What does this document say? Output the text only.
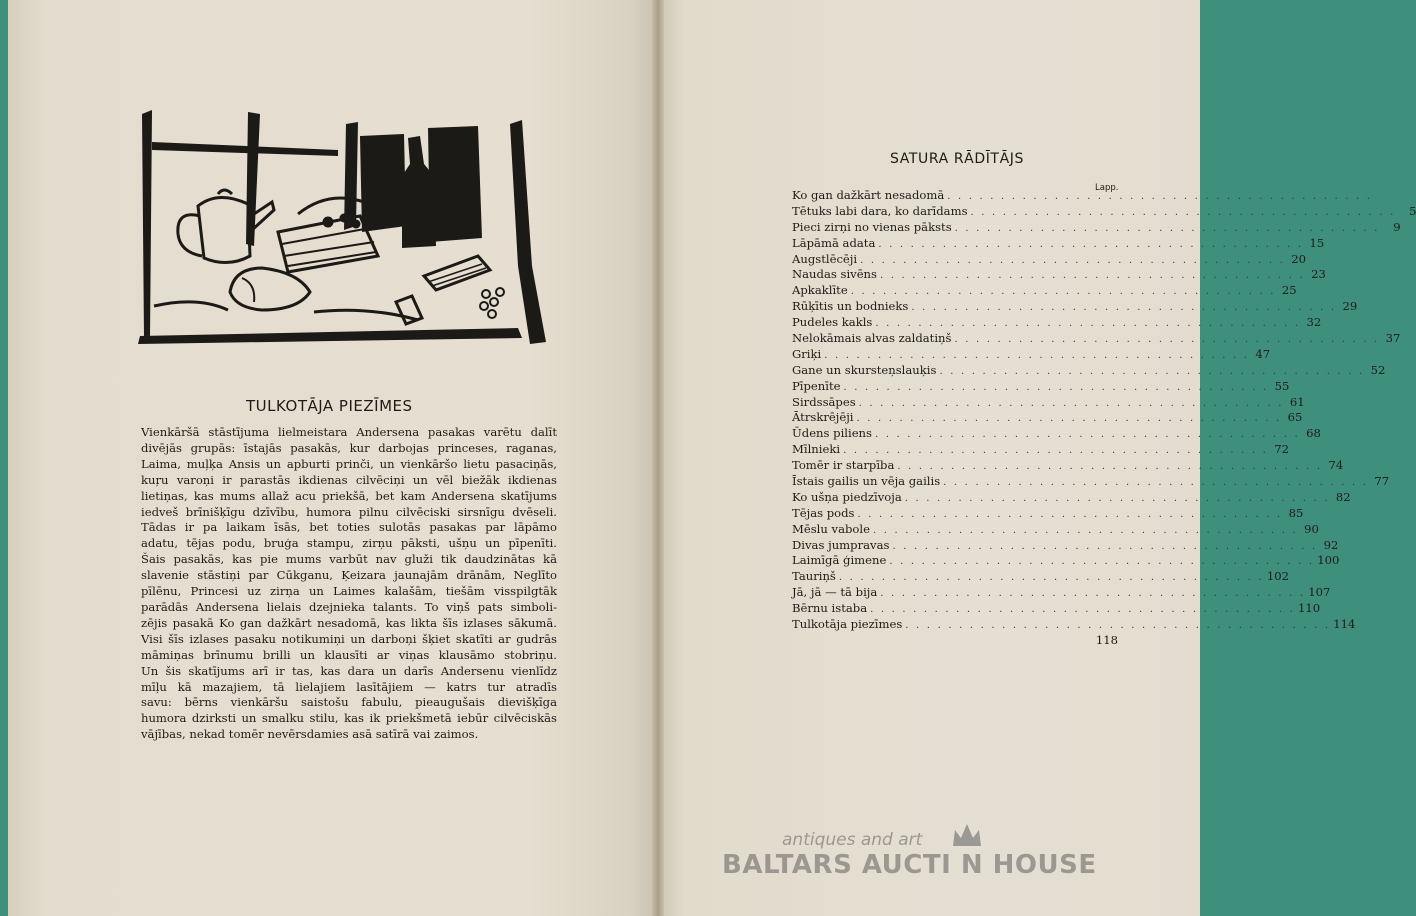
TULKOTĀJA PIEZĪMES
Vienkāršā stāstījuma lielmeistara Andersena pasakas varētu dalīt
divējās grupās: īstajās pasakās, kur darbojas princeses, raganas,
Laima, muļķa Ansis un apburti prinči, un vienkāršo lietu pasaciņās,
kuŗu varoņi ir parastās ikdienas cilvēciņi un vēl biežāk ikdienas
lietiņas, kas mums allaž acu priekšā, bet kam Andersena skatījums
iedveš brīnišķīgu dzīvību, humora pilnu cilvēciski sirsnīgu dvēseli.
Tādas ir pa laikam īsās, bet toties sulotās pasakas par lāpāmo
adatu, tējas podu, bruģa stampu, zirņu pāksti, ušņu un pīpenīti.
Šais pasakās, kas pie mums varbūt nav gluži tik daudzinātas kā
slavenie stāstiņi par Cūkganu, Ķeizara jaunajām drānām, Neglīto
pīlēnu, Princesi uz zirņa un Laimes kalašām, tiešām visspilgtāk
parādās Andersena lielais dzejnieka talants. To viņš pats simboli-
zējis pasakā Ko gan dažkārt nesadomā, kas likta šīs izlases sākumā.
Visi šīs izlases pasaku notikumiņi un darboņi šķiet skatīti ar gudrās
māmiņas brīnumu brilli un klausīti ar viņas klausāmo stobriņu.
Un šis skatījums arī ir tas, kas dara un darīs Andersenu vienlīdz
mīļu kā mazajiem, tā lielajiem lasītājiem — katrs tur atradīs
savu: bērns vienkāršu saistošu fabulu, pieaugušais dievišķīga
humora dzirksti un smalku stilu, kas ik priekšmetā iebūr cilvēciskās
vājības, nekad tomēr nevērsdamies asā satīrā vai zaimos.
SATURA RĀDĪTĀJS
Lapp.
Ko gan dažkārt nesadomā . . . . . . . . . . . . . . . . . . . . . . . . . . . . . . . . . . . . . . . .
Tētuks labi dara, ko darīdams . . . . . . . . . . . . . . . . . . . . . . . . . . . . . . . . . . . . . . . .	5
Pieci zirņi no vienas pāksts . . . . . . . . . . . . . . . . . . . . . . . . . . . . . . . . . . . . . . . .	9
Lāpāmā adata . . . . . . . . . . . . . . . . . . . . . . . . . . . . . . . . . . . . . . . . 15
Augstlēcēji . . . . . . . . . . . . . . . . . . . . . . . . . . . . . . . . . . . . . . . . 20
Naudas sivēns . . . . . . . . . . . . . . . . . . . . . . . . . . . . . . . . . . . . . . . . 23
Apkaklīte . . . . . . . . . . . . . . . . . . . . . . . . . . . . . . . . . . . . . . . . 25
Rūķītis un bodnieks . . . . . . . . . . . . . . . . . . . . . . . . . . . . . . . . . . . . . . . . 29
Pudeles kakls . . . . . . . . . . . . . . . . . . . . . . . . . . . . . . . . . . . . . . . . 32
Nelokāmais alvas zaldatiņš . . . . . . . . . . . . . . . . . . . . . . . . . . . . . . . . . . . . . . . . 37
Griķi . . . . . . . . . . . . . . . . . . . . . . . . . . . . . . . . . . . . . . . . 47
Gane un skursteņslauķis . . . . . . . . . . . . . . . . . . . . . . . . . . . . . . . . . . . . . . . . 52
Pīpenīte . . . . . . . . . . . . . . . . . . . . . . . . . . . . . . . . . . . . . . . . 55
Sirdssāpes . . . . . . . . . . . . . . . . . . . . . . . . . . . . . . . . . . . . . . . . 61
Ātrskrējēji . . . . . . . . . . . . . . . . . . . . . . . . . . . . . . . . . . . . . . . . 65
Ūdens piliens . . . . . . . . . . . . . . . . . . . . . . . . . . . . . . . . . . . . . . . . 68
Mīlnieki . . . . . . . . . . . . . . . . . . . . . . . . . . . . . . . . . . . . . . . . 72
Tomēr ir starpība . . . . . . . . . . . . . . . . . . . . . . . . . . . . . . . . . . . . . . . . 74
Īstais gailis un vēja gailis . . . . . . . . . . . . . . . . . . . . . . . . . . . . . . . . . . . . . . . . 77
Ko ušņa piedzīvoja . . . . . . . . . . . . . . . . . . . . . . . . . . . . . . . . . . . . . . . . 82
Tējas pods . . . . . . . . . . . . . . . . . . . . . . . . . . . . . . . . . . . . . . . . 85
Mēslu vabole . . . . . . . . . . . . . . . . . . . . . . . . . . . . . . . . . . . . . . . . 90
Divas jumpravas . . . . . . . . . . . . . . . . . . . . . . . . . . . . . . . . . . . . . . . . 92
Laimīgā ģimene . . . . . . . . . . . . . . . . . . . . . . . . . . . . . . . . . . . . . . . . 100
Tauriņš . . . . . . . . . . . . . . . . . . . . . . . . . . . . . . . . . . . . . . . . 102
Jā, jā — tā bija . . . . . . . . . . . . . . . . . . . . . . . . . . . . . . . . . . . . . . . . 107
Bērnu istaba . . . . . . . . . . . . . . . . . . . . . . . . . . . . . . . . . . . . . . . . 110
Tulkotāja piezīmes . . . . . . . . . . . . . . . . . . . . . . . . . . . . . . . . . . . . . . . . 114
118
antiques and art
BALTARS AUCTI N HOUSE
